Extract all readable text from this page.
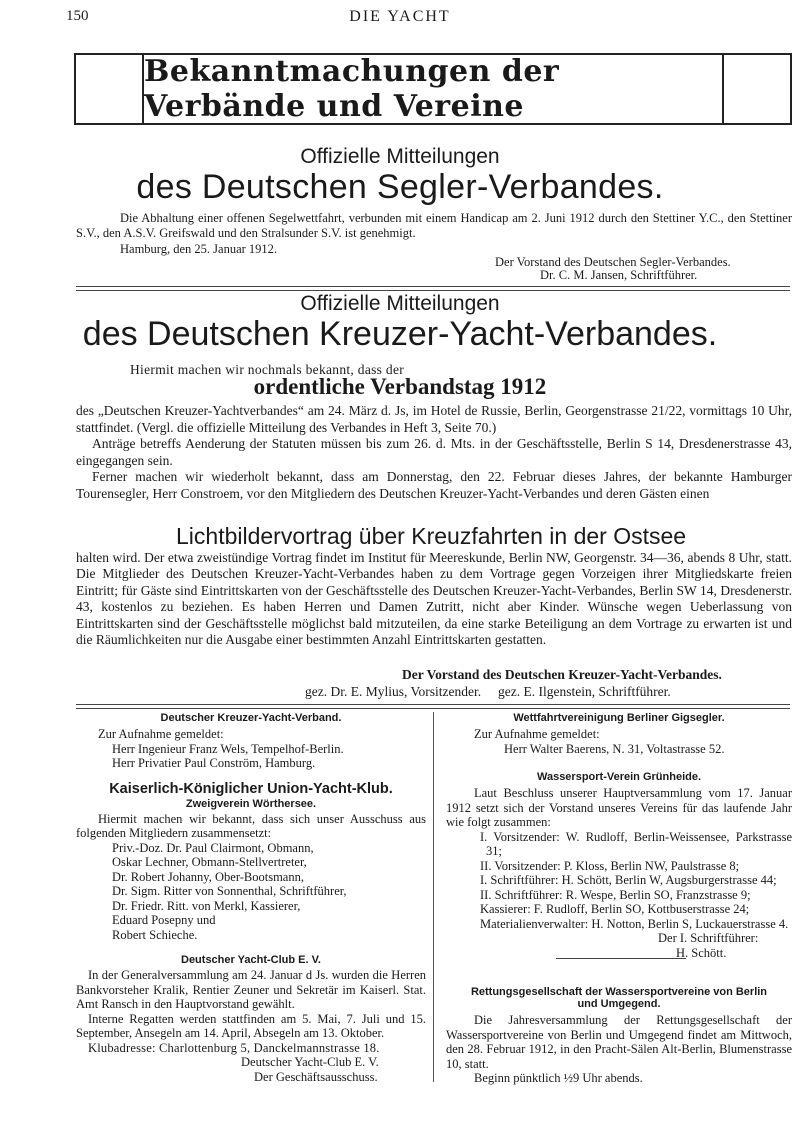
150	DIE YACHT
Bekanntmachungen der Verbände und Vereine
Offizielle Mitteilungen
des Deutschen Segler-Verbandes.
Die Abhaltung einer offenen Segelwettfahrt, verbunden mit einem Handicap am 2. Juni 1912 durch den Stettiner Y.C., den Stettiner S.V., den A.S.V. Greifswald und den Stralsunder S.V. ist genehmigt.
Hamburg, den 25. Januar 1912.
Der Vorstand des Deutschen Segler-Verbandes.
Dr. C. M. Jansen, Schriftführer.
Offizielle Mitteilungen
des Deutschen Kreuzer-Yacht-Verbandes.
Hiermit machen wir nochmals bekannt, dass der
ordentliche Verbandstag 1912
des „Deutschen Kreuzer-Yachtverbandes“ am 24. März d. Js, im Hotel de Russie, Berlin, Georgenstrasse 21/22, vormittags 10 Uhr, stattfindet. (Vergl. die offizielle Mitteilung des Verbandes in Heft 3, Seite 70.)
Anträge betreffs Aenderung der Statuten müssen bis zum 26. d. Mts. in der Geschäftsstelle, Berlin S 14, Dresdenerstrasse 43, eingegangen sein.
Ferner machen wir wiederholt bekannt, dass am Donnerstag, den 22. Februar dieses Jahres, der bekannte Hamburger Tourensegler, Herr Constroem, vor den Mitgliedern des Deutschen Kreuzer-Yacht-Verbandes und deren Gästen einen
Lichtbildervortrag über Kreuzfahrten in der Ostsee
halten wird. Der etwa zweistündige Vortrag findet im Institut für Meereskunde, Berlin NW, Georgenstr. 34—36, abends 8 Uhr, statt. Die Mitglieder des Deutschen Kreuzer-Yacht-Verbandes haben zu dem Vortrage gegen Vorzeigen ihrer Mitgliedskarte freien Eintritt; für Gäste sind Eintrittskarten von der Geschäftsstelle des Deutschen Kreuzer-Yacht-Verbandes, Berlin SW 14, Dresdenerstr. 43, kostenlos zu beziehen. Es haben Herren und Damen Zutritt, nicht aber Kinder. Wünsche wegen Ueberlassung von Eintrittskarten sind der Geschäftsstelle möglichst bald mitzuteilen, da eine starke Beteiligung an dem Vortrage zu erwarten ist und die Räumlichkeiten nur die Ausgabe einer bestimmten Anzahl Eintrittskarten gestatten.
Der Vorstand des Deutschen Kreuzer-Yacht-Verbandes.
gez. Dr. E. Mylius, Vorsitzender.     gez. E. Ilgenstein, Schriftführer.
Deutscher Kreuzer-Yacht-Verband.
Zur Aufnahme gemeldet:
Herr Ingenieur Franz Wels, Tempelhof-Berlin.
Herr Privatier Paul Conström, Hamburg.
Kaiserlich-Königlicher Union-Yacht-Klub.
Zweigverein Wörthersee.
Hiermit machen wir bekannt, dass sich unser Ausschuss aus folgenden Mitgliedern zusammensetzt:
Priv.-Doz. Dr. Paul Clairmont, Obmann,
Oskar Lechner, Obmann-Stellvertreter,
Dr. Robert Johanny, Ober-Bootsmann,
Dr. Sigm. Ritter von Sonnenthal, Schriftführer,
Dr. Friedr. Ritt. von Merkl, Kassierer,
Eduard Posepny und
Robert Schieche.
Deutscher Yacht-Club E. V.
In der Generalversammlung am 24. Januar d Js. wurden die Herren Bankvorsteher Kralik, Rentier Zeuner und Sekretär im Kaiserl. Stat. Amt Ransch in den Hauptvorstand gewählt.
Interne Regatten werden stattfinden am 5. Mai, 7. Juli und 15. September, Ansegeln am 14. April, Absegeln am 13. Oktober.
Klubadresse: Charlottenburg 5, Danckelmannstrasse 18.
Deutscher Yacht-Club E. V.
Der Geschäftsausschuss.
Wettfahrtvereinigung Berliner Gigsegler.
Zur Aufnahme gemeldet:
Herr Walter Baerens, N. 31, Voltastrasse 52.
Wassersport-Verein Grünheide.
Laut Beschluss unserer Hauptversammlung vom 17. Januar 1912 setzt sich der Vorstand unseres Vereins für das laufende Jahr wie folgt zusammen:
I. Vorsitzender: W. Rudloff, Berlin-Weissensee, Parkstrasse 31;
II. Vorsitzender: P. Kloss, Berlin NW, Paulstrasse 8;
I. Schriftführer: H. Schött, Berlin W, Augsburgerstrasse 44;
II. Schriftführer: R. Wespe, Berlin SO, Franzstrasse 9;
Kassierer: F. Rudloff, Berlin SO, Kottbuserstrasse 24;
Materialienverwalter: H. Notton, Berlin S, Luckauerstrasse 4.
Der I. Schriftführer:
H. Schött.
Rettungsgesellschaft der Wassersportvereine von Berlin
und Umgegend.
Die Jahresversammlung der Rettungsgesellschaft der Wassersportvereine von Berlin und Umgegend findet am Mittwoch, den 28. Februar 1912, in den Pracht-Sälen Alt-Berlin, Blumenstrasse 10, statt.
Beginn pünktlich ½9 Uhr abends.
